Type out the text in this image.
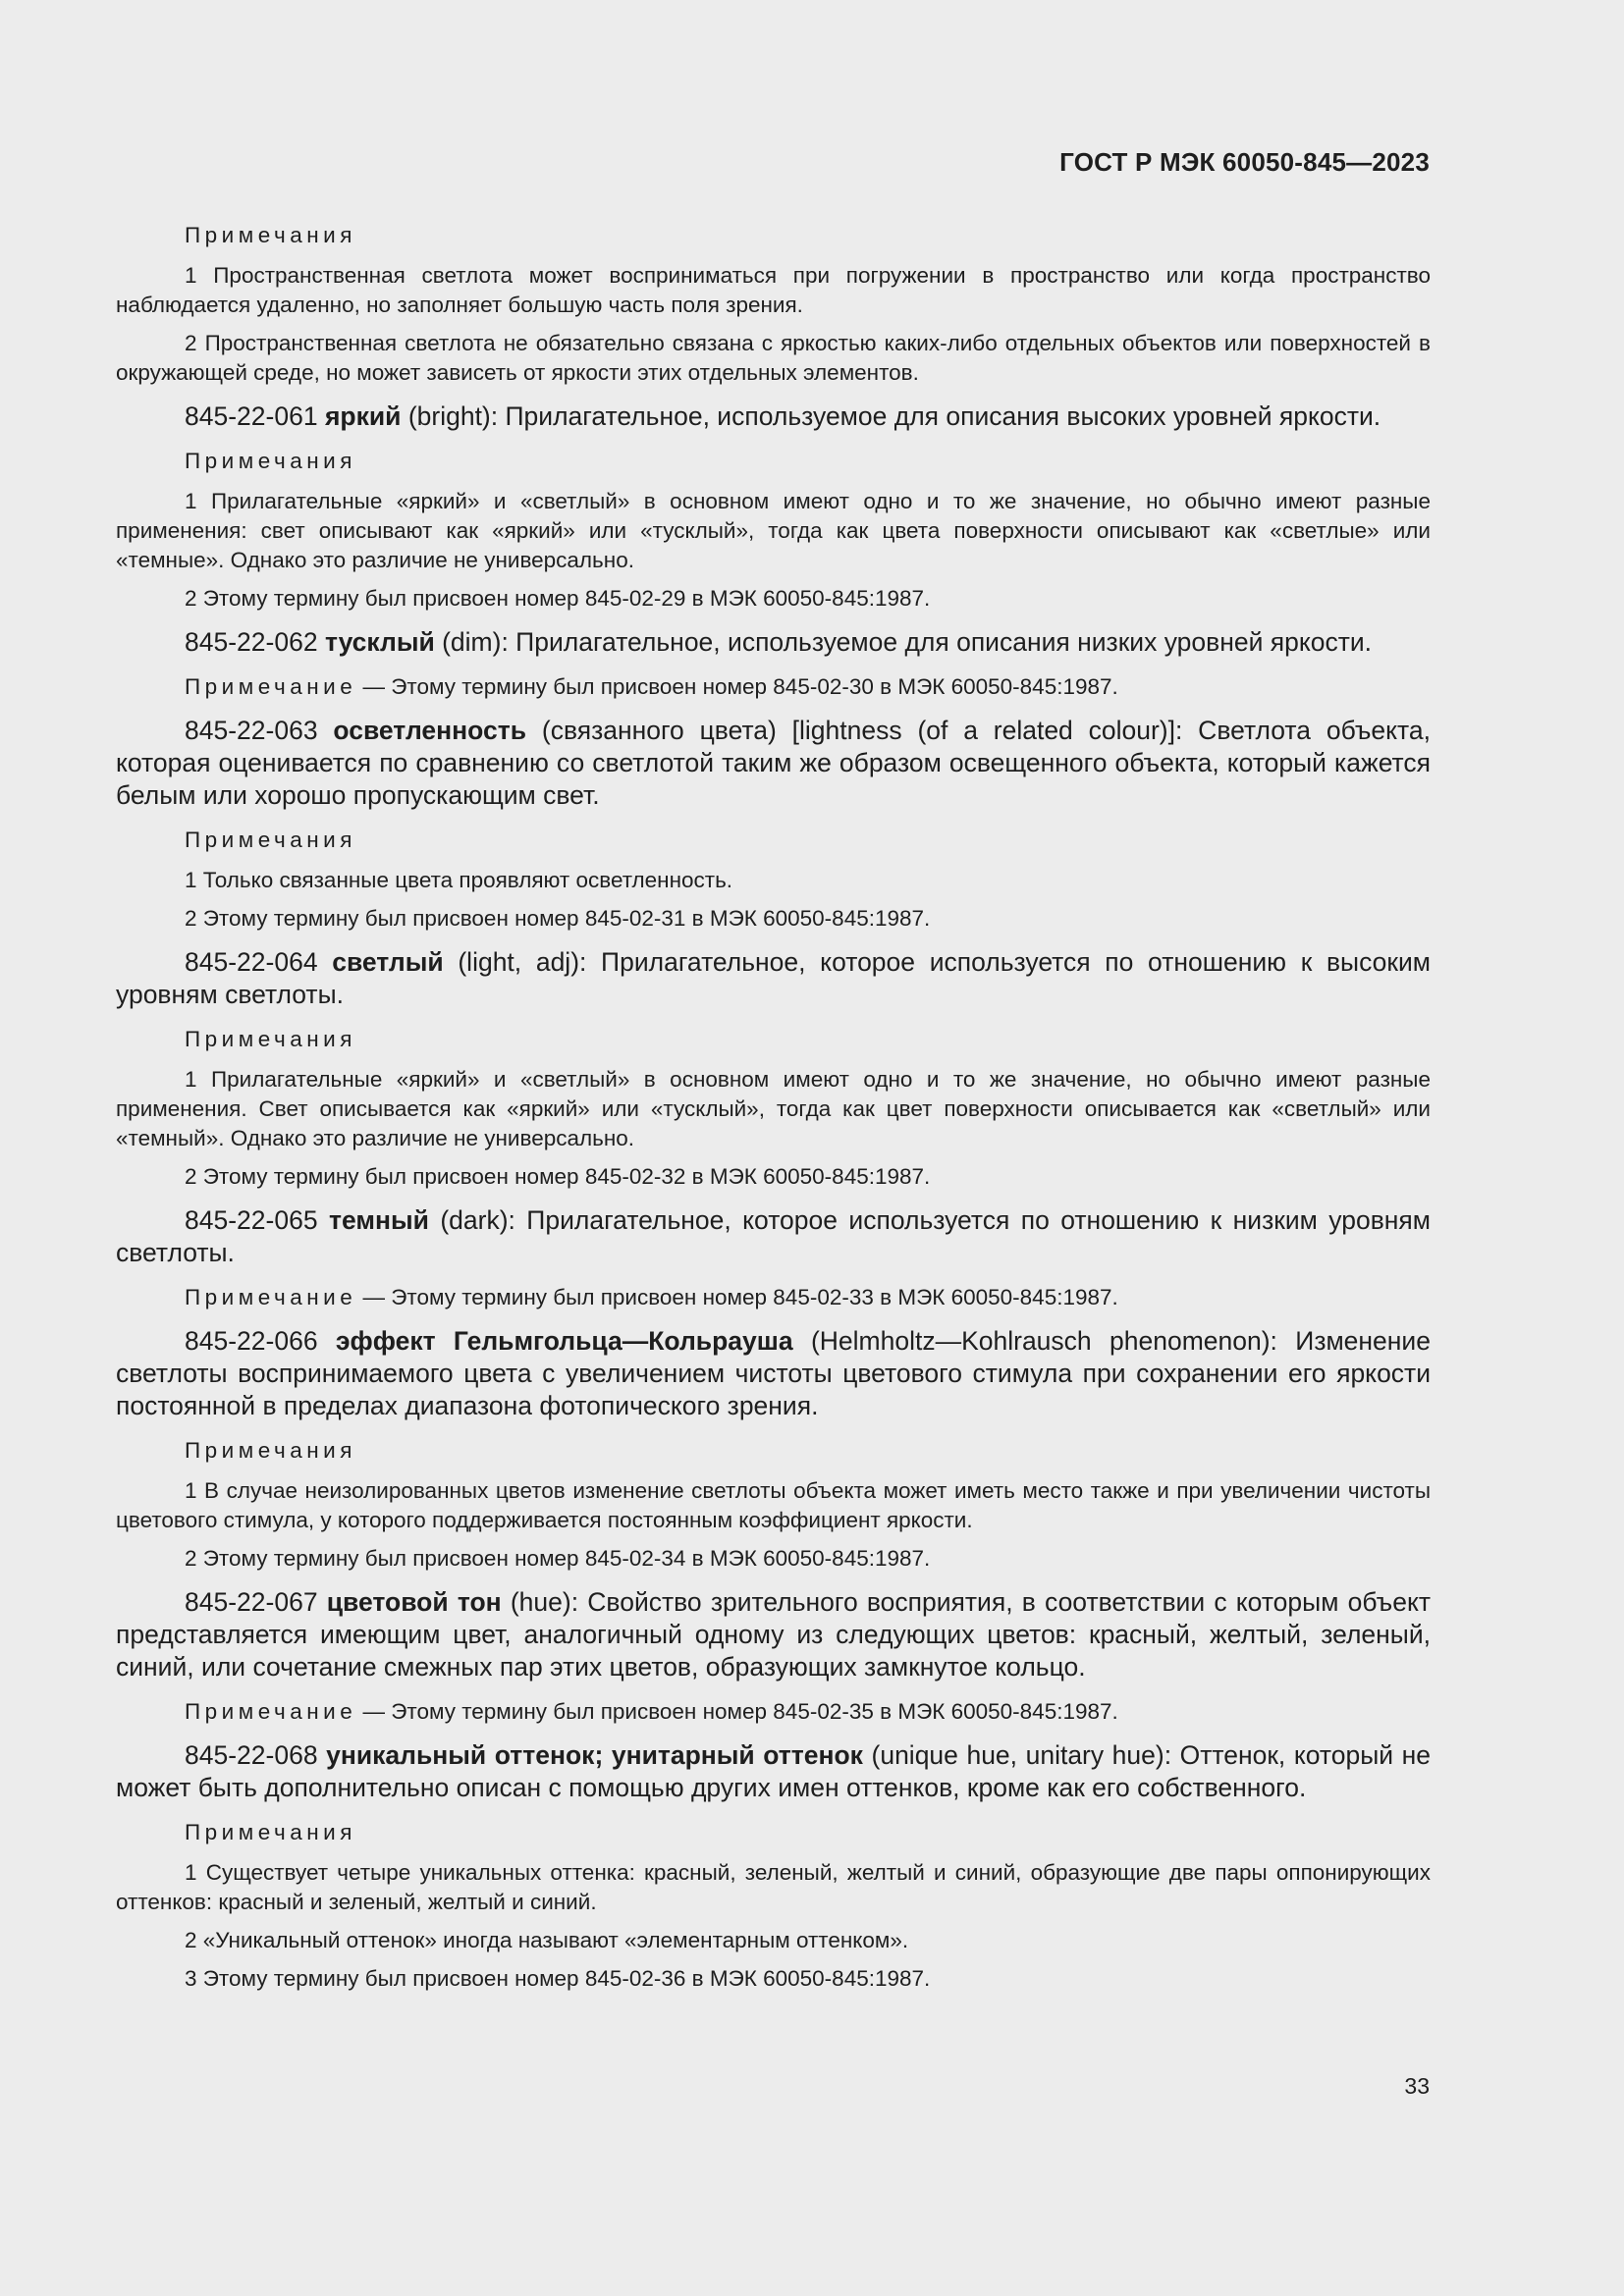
ГОСТ Р МЭК 60050-845—2023
Примечания

1 Пространственная светлота может восприниматься при погружении в пространство или когда пространство наблюдается удаленно, но заполняет большую часть поля зрения.

2 Пространственная светлота не обязательно связана с яркостью каких-либо отдельных объектов или поверхностей в окружающей среде, но может зависеть от яркости этих отдельных элементов.

845-22-061 яркий (bright): Прилагательное, используемое для описания высоких уровней яркости.

Примечания

1 Прилагательные «яркий» и «светлый» в основном имеют одно и то же значение, но обычно имеют разные применения: свет описывают как «яркий» или «тусклый», тогда как цвета поверхности описывают как «светлые» или «темные». Однако это различие не универсально.

2 Этому термину был присвоен номер 845-02-29 в МЭК 60050-845:1987.

845-22-062 тусклый (dim): Прилагательное, используемое для описания низких уровней яркости.

Примечание — Этому термину был присвоен номер 845-02-30 в МЭК 60050-845:1987.

845-22-063 осветленность (связанного цвета) [lightness (of a related colour)]: Светлота объекта, которая оценивается по сравнению со светлотой таким же образом освещенного объекта, который кажется белым или хорошо пропускающим свет.

Примечания

1 Только связанные цвета проявляют осветленность.

2 Этому термину был присвоен номер 845-02-31 в МЭК 60050-845:1987.

845-22-064 светлый (light, adj): Прилагательное, которое используется по отношению к высоким уровням светлоты.

Примечания

1 Прилагательные «яркий» и «светлый» в основном имеют одно и то же значение, но обычно имеют разные применения. Свет описывается как «яркий» или «тусклый», тогда как цвет поверхности описывается как «светлый» или «темный». Однако это различие не универсально.

2 Этому термину был присвоен номер 845-02-32 в МЭК 60050-845:1987.

845-22-065 темный (dark): Прилагательное, которое используется по отношению к низким уровням светлоты.

Примечание — Этому термину был присвоен номер 845-02-33 в МЭК 60050-845:1987.

845-22-066 эффект Гельмгольца—Кольрауша (Helmholtz—Kohlrausch phenomenon): Изменение светлоты воспринимаемого цвета с увеличением чистоты цветового стимула при сохранении его яркости постоянной в пределах диапазона фотопического зрения.

Примечания

1 В случае неизолированных цветов изменение светлоты объекта может иметь место также и при увеличении чистоты цветового стимула, у которого поддерживается постоянным коэффициент яркости.

2 Этому термину был присвоен номер 845-02-34 в МЭК 60050-845:1987.

845-22-067 цветовой тон (hue): Свойство зрительного восприятия, в соответствии с которым объект представляется имеющим цвет, аналогичный одному из следующих цветов: красный, желтый, зеленый, синий, или сочетание смежных пар этих цветов, образующих замкнутое кольцо.

Примечание — Этому термину был присвоен номер 845-02-35 в МЭК 60050-845:1987.

845-22-068 уникальный оттенок; унитарный оттенок (unique hue, unitary hue): Оттенок, который не может быть дополнительно описан с помощью других имен оттенков, кроме как его собственного.

Примечания

1 Существует четыре уникальных оттенка: красный, зеленый, желтый и синий, образующие две пары оппонирующих оттенков: красный и зеленый, желтый и синий.

2 «Уникальный оттенок» иногда называют «элементарным оттенком».

3 Этому термину был присвоен номер 845-02-36 в МЭК 60050-845:1987.

33
